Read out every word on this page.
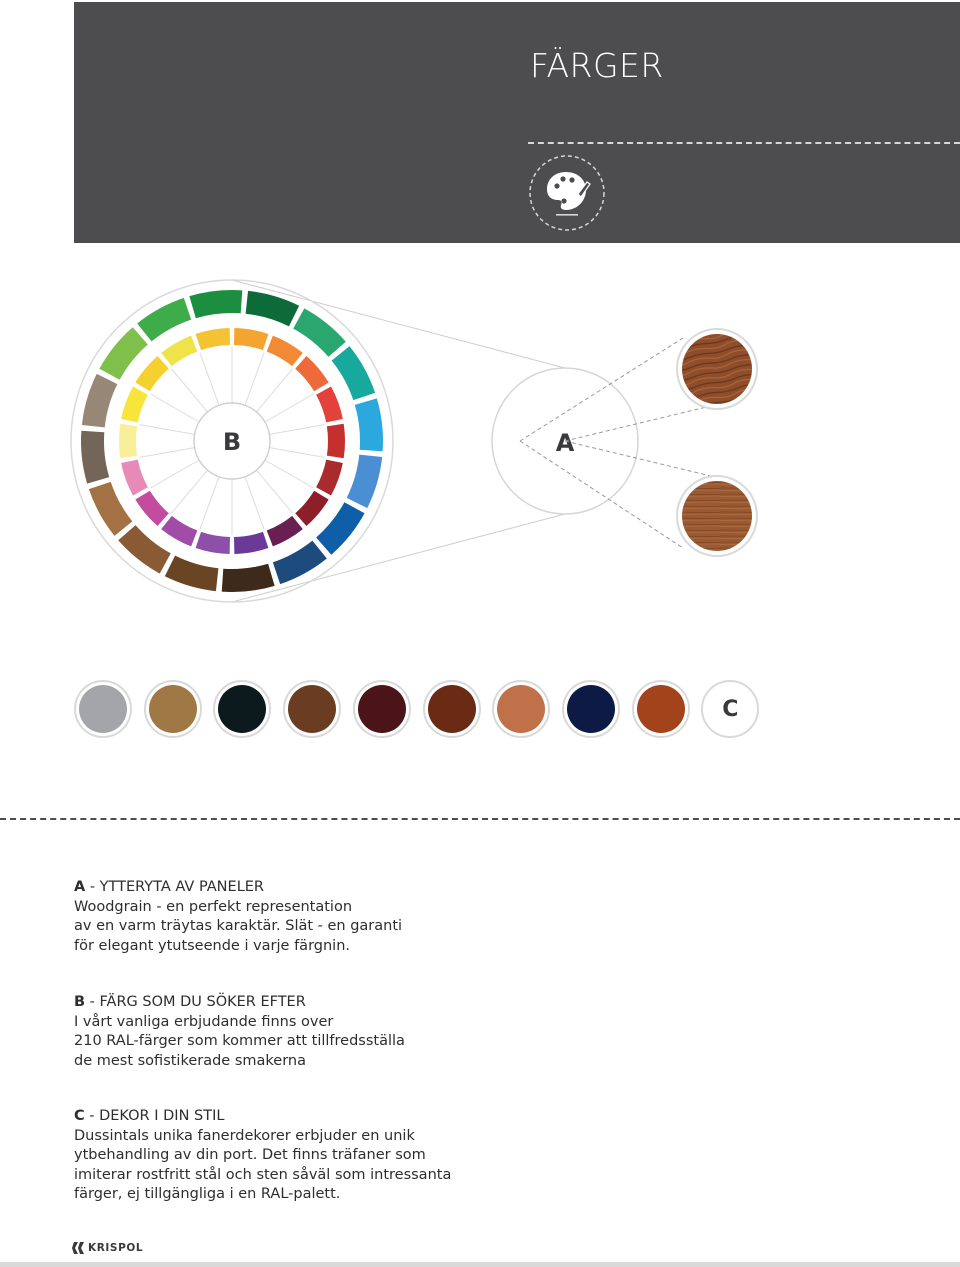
FÄRGER
B	A
C
A - YTTERYTA AV PANELER
Woodgrain - en perfekt representation
av en varm träytas karaktär. Slät - en garanti
för elegant ytutseende i varje färgnin.
B - FÄRG SOM DU SÖKER EFTER
I vårt vanliga erbjudande finns over
210 RAL-färger som kommer att tillfredsställa
de mest sofistikerade smakerna
C - DEKOR I DIN STIL
Dussintals unika fanerdekorer erbjuder en unik
ytbehandling av din port. Det finns träfaner som
imiterar rostfritt stål och sten såväl som intressanta
färger, ej tillgängliga i en RAL-palett.
KRISPOL
